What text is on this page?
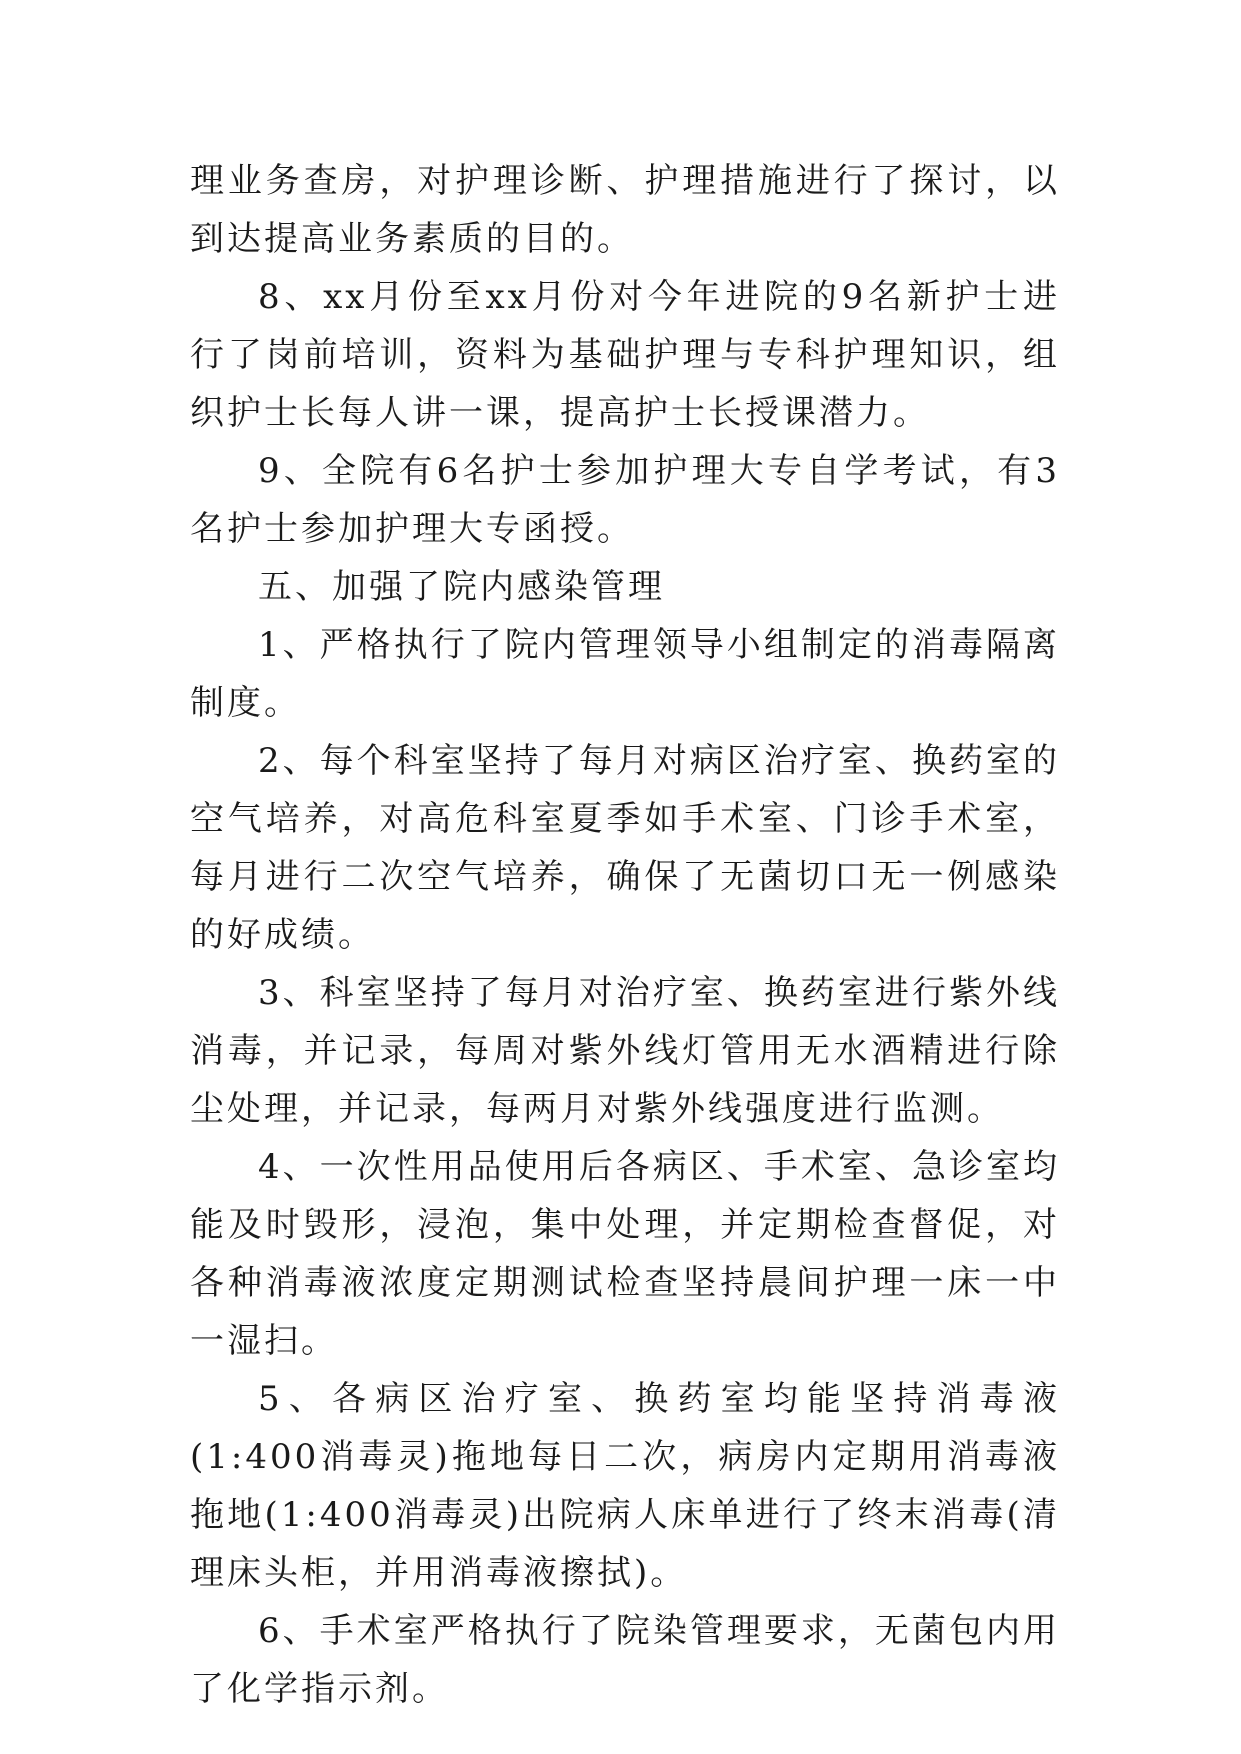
理业务查房，对护理诊断、护理措施进行了探讨，以到达提高业务素质的目的。

8、xx月份至xx月份对今年进院的9名新护士进行了岗前培训，资料为基础护理与专科护理知识，组织护士长每人讲一课，提高护士长授课潜力。

9、全院有6名护士参加护理大专自学考试，有3名护士参加护理大专函授。

五、加强了院内感染管理

1、严格执行了院内管理领导小组制定的消毒隔离制度。

2、每个科室坚持了每月对病区治疗室、换药室的空气培养，对高危科室夏季如手术室、门诊手术室，每月进行二次空气培养，确保了无菌切口无一例感染的好成绩。

3、科室坚持了每月对治疗室、换药室进行紫外线消毒，并记录，每周对紫外线灯管用无水酒精进行除尘处理，并记录，每两月对紫外线强度进行监测。

4、一次性用品使用后各病区、手术室、急诊室均能及时毁形，浸泡，集中处理，并定期检查督促，对各种消毒液浓度定期测试检查坚持晨间护理一床一中一湿扫。

5、各病区治疗室、换药室均能坚持消毒液(1:400消毒灵)拖地每日二次，病房内定期用消毒液拖地(1:400消毒灵)出院病人床单进行了终末消毒(清理床头柜，并用消毒液擦拭)。

6、手术室严格执行了院染管理要求，无菌包内用了化学指示剂。
